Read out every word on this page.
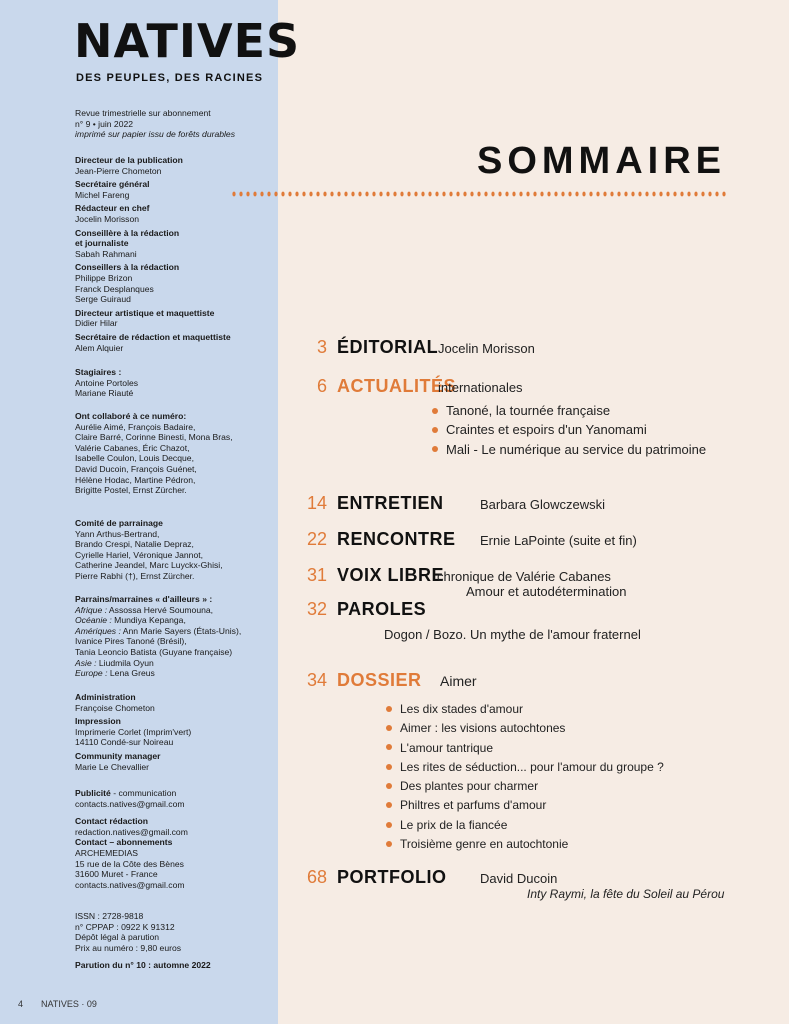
NATIVES
DES PEUPLES, DES RACINES
Revue trimestrielle sur abonnement
n° 9 • juin 2022
imprimé sur papier issu de forêts durables
Directeur de la publication
Jean-Pierre Chometon
Secrétaire général
Michel Fareng
Rédacteur en chef
Jocelin Morisson
Conseillère à la rédaction
et journaliste
Sabah Rahmani
Conseillers à la rédaction
Philippe Brizon
Franck Desplanques
Serge Guiraud
Directeur artistique et maquettiste
Didier Hilar
Secrétaire de rédaction et maquettiste
Alem Alquier
Stagiaires :
Antoine Portoles
Mariane Riauté
Ont collaboré à ce numéro:
Aurélie Aimé, François Badaire,
Claire Barré, Corinne Binesti, Mona Bras,
Valérie Cabanes, Éric Chazot,
Isabelle Coulon, Louis Decque,
David Ducoin, François Guénet,
Hélène Hodac, Martine Pédron,
Brigitte Postel, Ernst Zürcher.
Comité de parrainage
Yann Arthus-Bertrand,
Brando Crespi, Natalie Depraz,
Cyrielle Hariel, Véronique Jannot,
Catherine Jeandel, Marc Luyckx-Ghisi,
Pierre Rabhi (†), Ernst Zürcher.
Parrains/marraines « d'ailleurs » :
Afrique : Assossa Hervé Soumouna,
Océanie : Mundiya Kepanga,
Amériques : Ann Marie Sayers (États-Unis),
Ivanice Pires Tanoné (Brésil),
Tania Leoncio Batista (Guyane française)
Asie : Liudmila Oyun
Europe : Lena Greus
Administration
Françoise Chometon
Impression
Imprimerie Corlet (Imprim'vert)
14110 Condé-sur Noireau
Community manager
Marie Le Chevallier
Publicité - communication
contacts.natives@gmail.com
Contact rédaction
redaction.natives@gmail.com
Contact – abonnements
ARCHEMEDIAS
15 rue de la Côte des Bènes
31600 Muret - France
contacts.natives@gmail.com
ISSN : 2728-9818
n° CPPAP : 0922 K 91312
Dépôt légal à parution
Prix au numéro : 9,80 euros
Parution du n° 10 : automne 2022
4 NATIVES · 09
SOMMAIRE
3 ÉDITORIAL Jocelin Morisson
6 ACTUALITÉS
internationales
Tanoné, la tournée française
Craintes et espoirs d'un Yanomami
Mali - Le numérique au service du patrimoine
14 ENTRETIEN	Barbara Glowczewski
22 RENCONTRE Ernie LaPointe (suite et fin)
31 VOIX LIBRE
chronique de Valérie Cabanes
Amour et autodétermination
32 PAROLES
Dogon / Bozo. Un mythe de l'amour fraternel
34 DOSSIER Aimer
Les dix stades d'amour
Aimer : les visions autochtones
L'amour tantrique
Les rites de séduction... pour l'amour du groupe ?
Des plantes pour charmer
Philtres et parfums d'amour
Le prix de la fiancée
Troisième genre en autochtonie
68 PORTFOLIO	David Ducoin
Inty Raymi, la fête du Soleil au Pérou
